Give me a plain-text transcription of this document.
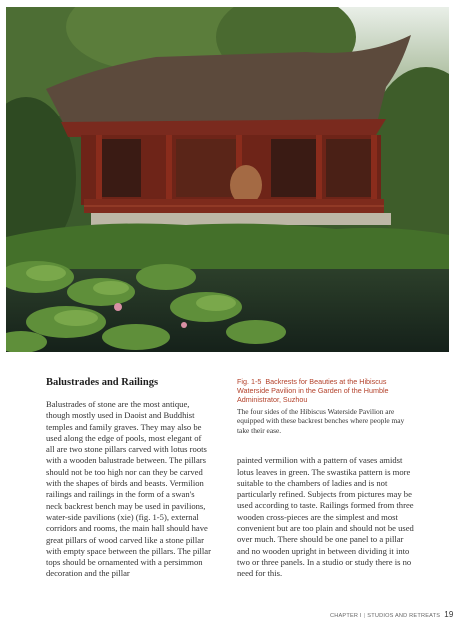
Balustrades and Railings

Balustrades of stone are the most antique, though mostly used in Daoist and Buddhist temples and family graves. They may also be used along the edge of pools, most elegant of all are two stone pillars carved with lotus roots with a wooden balustrade between. The pillars should not be too high nor can they be carved with the shapes of birds and beasts. Vermilion railings and railings in the form of a swan's neck backrest bench may be used in pavilions, water-side pavilions (xie) (fig. 1-5), external corridors and rooms, the main hall should have great pillars of wood carved like a stone pillar with empty space between the pillars. The pillar tops should be ornamented with a persimmon decoration and the pillar

Fig. 1-5 Backrests for Beauties at the Hibiscus Waterside Pavilion in the Garden of the Humble Administrator, Suzhou

The four sides of the Hibiscus Waterside Pavilion are equipped with these backrest benches where people may take their ease.

painted vermilion with a pattern of vases amidst lotus leaves in green. The swastika pattern is more suitable to the chambers of ladies and is not particularly refined. Subjects from pictures may be used according to taste. Railings formed from three wooden cross-pieces are the simplest and most convenient but are too plain and should not be used over much. There should be one panel to a pillar and no wooden upright in between dividing it into two or three panels. In a studio or study there is no need for this.

CHAPTER I | STUDIOS AND RETREATS 19
